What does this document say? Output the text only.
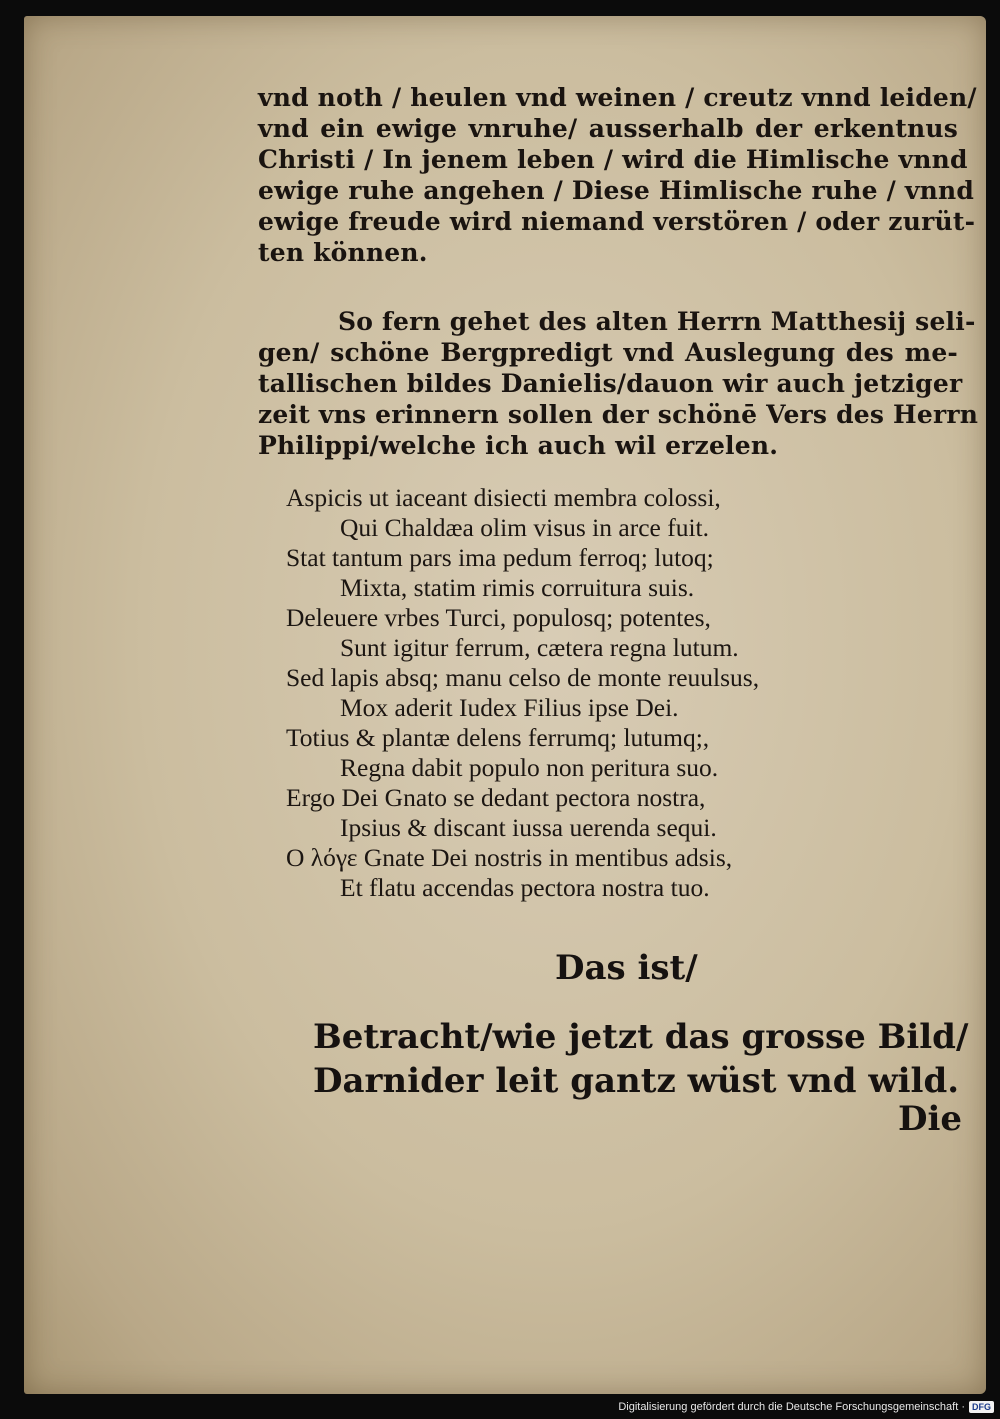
vnd noth / heulen vnd weinen / creutz vnnd leiden/
vnd ein ewige vnruhe/ ausserhalb der erkentnus
Christi / In jenem leben / wird die Himlische vnnd
ewige ruhe angehen / Diese Himlische ruhe / vnnd
ewige freude wird niemand verstören / oder zurüt-
ten können.
So fern gehet des alten Herrn Matthesij seli-
gen/ schöne Bergpredigt vnd Auslegung des me-
tallischen bildes Danielis/dauon wir auch jetziger
zeit vns erinnern sollen der schönē Vers des Herrn
Philippi/welche ich auch wil erzelen.
Aspicis ut iaceant disiecti membra colossi,
Qui Chaldæa olim visus in arce fuit.
Stat tantum pars ima pedum ferroq; lutoq;
Mixta, statim rimis corruitura suis.
Deleuere vrbes Turci, populosq; potentes,
Sunt igitur ferrum, cætera regna lutum.
Sed lapis absq; manu celso de monte reuulsus,
Mox aderit Iudex Filius ipse Dei.
Totius & plantæ delens ferrumq; lutumq;,
Regna dabit populo non peritura suo.
Ergo Dei Gnato se dedant pectora nostra,
Ipsius & discant iussa uerenda sequi.
O λόγε Gnate Dei nostris in mentibus adsis,
Et flatu accendas pectora nostra tuo.
Das ist/
Betracht/wie jetzt das grosse Bild/
Darnider leit gantz wüst vnd wild.
Die
Digitalisierung gefördert durch die Deutsche Forschungsgemeinschaft · DFG
